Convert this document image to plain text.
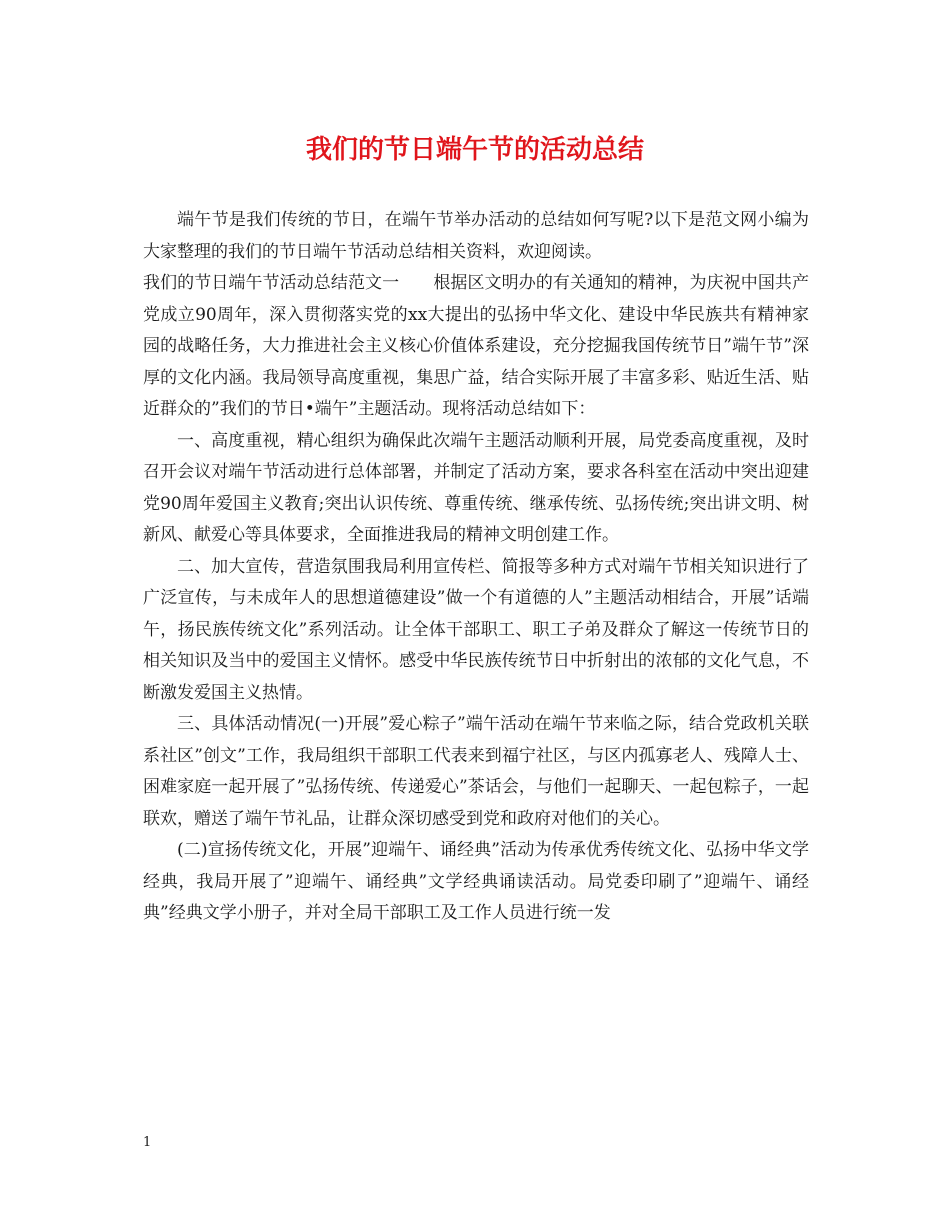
我们的节日端午节的活动总结

端午节是我们传统的节日，在端午节举办活动的总结如何写呢?以下是范文网小编为大家整理的我们的节日端午节活动总结相关资料，欢迎阅读。

我们的节日端午节活动总结范文一　　根据区文明办的有关通知的精神，为庆祝中国共产党成立90周年，深入贯彻落实党的xx大提出的弘扬中华文化、建设中华民族共有精神家园的战略任务，大力推进社会主义核心价值体系建设，充分挖掘我国传统节日”端午节”深厚的文化内涵。我局领导高度重视，集思广益，结合实际开展了丰富多彩、贴近生活、贴近群众的”我们的节日•端午”主题活动。现将活动总结如下：

一、高度重视，精心组织为确保此次端午主题活动顺利开展，局党委高度重视，及时召开会议对端午节活动进行总体部署，并制定了活动方案，要求各科室在活动中突出迎建党90周年爱国主义教育;突出认识传统、尊重传统、继承传统、弘扬传统;突出讲文明、树新风、献爱心等具体要求，全面推进我局的精神文明创建工作。

二、加大宣传，营造氛围我局利用宣传栏、简报等多种方式对端午节相关知识进行了广泛宣传，与未成年人的思想道德建设”做一个有道德的人”主题活动相结合，开展”话端午，扬民族传统文化”系列活动。让全体干部职工、职工子弟及群众了解这一传统节日的相关知识及当中的爱国主义情怀。感受中华民族传统节日中折射出的浓郁的文化气息，不断激发爱国主义热情。

三、具体活动情况(一)开展”爱心粽子”端午活动在端午节来临之际，结合党政机关联系社区”创文”工作，我局组织干部职工代表来到福宁社区，与区内孤寡老人、残障人士、困难家庭一起开展了”弘扬传统、传递爱心”茶话会，与他们一起聊天、一起包粽子，一起联欢，赠送了端午节礼品，让群众深切感受到党和政府对他们的关心。

(二)宣扬传统文化，开展”迎端午、诵经典”活动为传承优秀传统文化、弘扬中华文学经典，我局开展了”迎端午、诵经典”文学经典诵读活动。局党委印刷了”迎端午、诵经典”经典文学小册子，并对全局干部职工及工作人员进行统一发

1
